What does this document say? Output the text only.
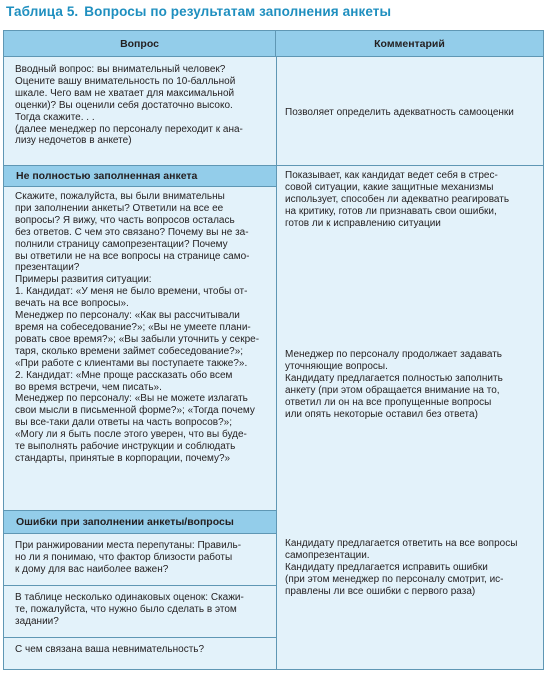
Таблица 5. Вопросы по результатам заполнения анкеты
Вопрос	Комментарий
Вводный вопрос: вы внимательный человек?
Оцените вашу внимательность по 10-балльной
шкале. Чего вам не хватает для максимальной
оценки)? Вы оценили себя достаточно высоко.
Тогда скажите. . .
(далее менеджер по персоналу переходит к ана-
лизу недочетов в анкете)
Позволяет определить адекватность самооценки
Не полностью заполненная анкета
Скажите, пожалуйста, вы были внимательны
при заполнении анкеты? Ответили на все ее
вопросы? Я вижу, что часть вопросов осталась
без ответов. С чем это связано? Почему вы не за-
полнили страницу самопрезентации? Почему
вы ответили не на все вопросы на странице само-
презентации?
Примеры развития ситуации:
1. Кандидат: «У меня не было времени, чтобы от-
вечать на все вопросы».
Менеджер по персоналу: «Как вы рассчитывали
время на собеседование?»; «Вы не умеете плани-
ровать свое время?»; «Вы забыли уточнить у секре-
таря, сколько времени займет собеседование?»;
«При работе с клиентами вы поступаете также?».
2. Кандидат: «Мне проще рассказать обо всем
во время встречи, чем писать».
Менеджер по персоналу: «Вы не можете излагать
свои мысли в письменной форме?»; «Тогда почему
вы все-таки дали ответы на часть вопросов?»;
«Могу ли я быть после этого уверен, что вы буде-
те выполнять рабочие инструкции и соблюдать
стандарты, принятые в корпорации, почему?»
Показывает, как кандидат ведет себя в стрес-
совой ситуации, какие защитные механизмы
использует, способен ли адекватно реагировать
на критику, готов ли признавать свои ошибки,
готов ли к исправлению ситуации
Менеджер по персоналу продолжает задавать
уточняющие вопросы.
Кандидату предлагается полностью заполнить
анкету (при этом обращается внимание на то,
ответил ли он на все пропущенные вопросы
или опять некоторые оставил без ответа)
Ошибки при заполнении анкеты/вопросы
При ранжировании места перепутаны: Правиль-
но ли я понимаю, что фактор близости работы
к дому для вас наиболее важен?
В таблице несколько одинаковых оценок: Скажи-
те, пожалуйста, что нужно было сделать в этом
задании?
С чем связана ваша невнимательность?
Кандидату предлагается ответить на все вопросы
самопрезентации.
Кандидату предлагается исправить ошибки
(при этом менеджер по персоналу смотрит, ис-
правлены ли все ошибки с первого раза)
